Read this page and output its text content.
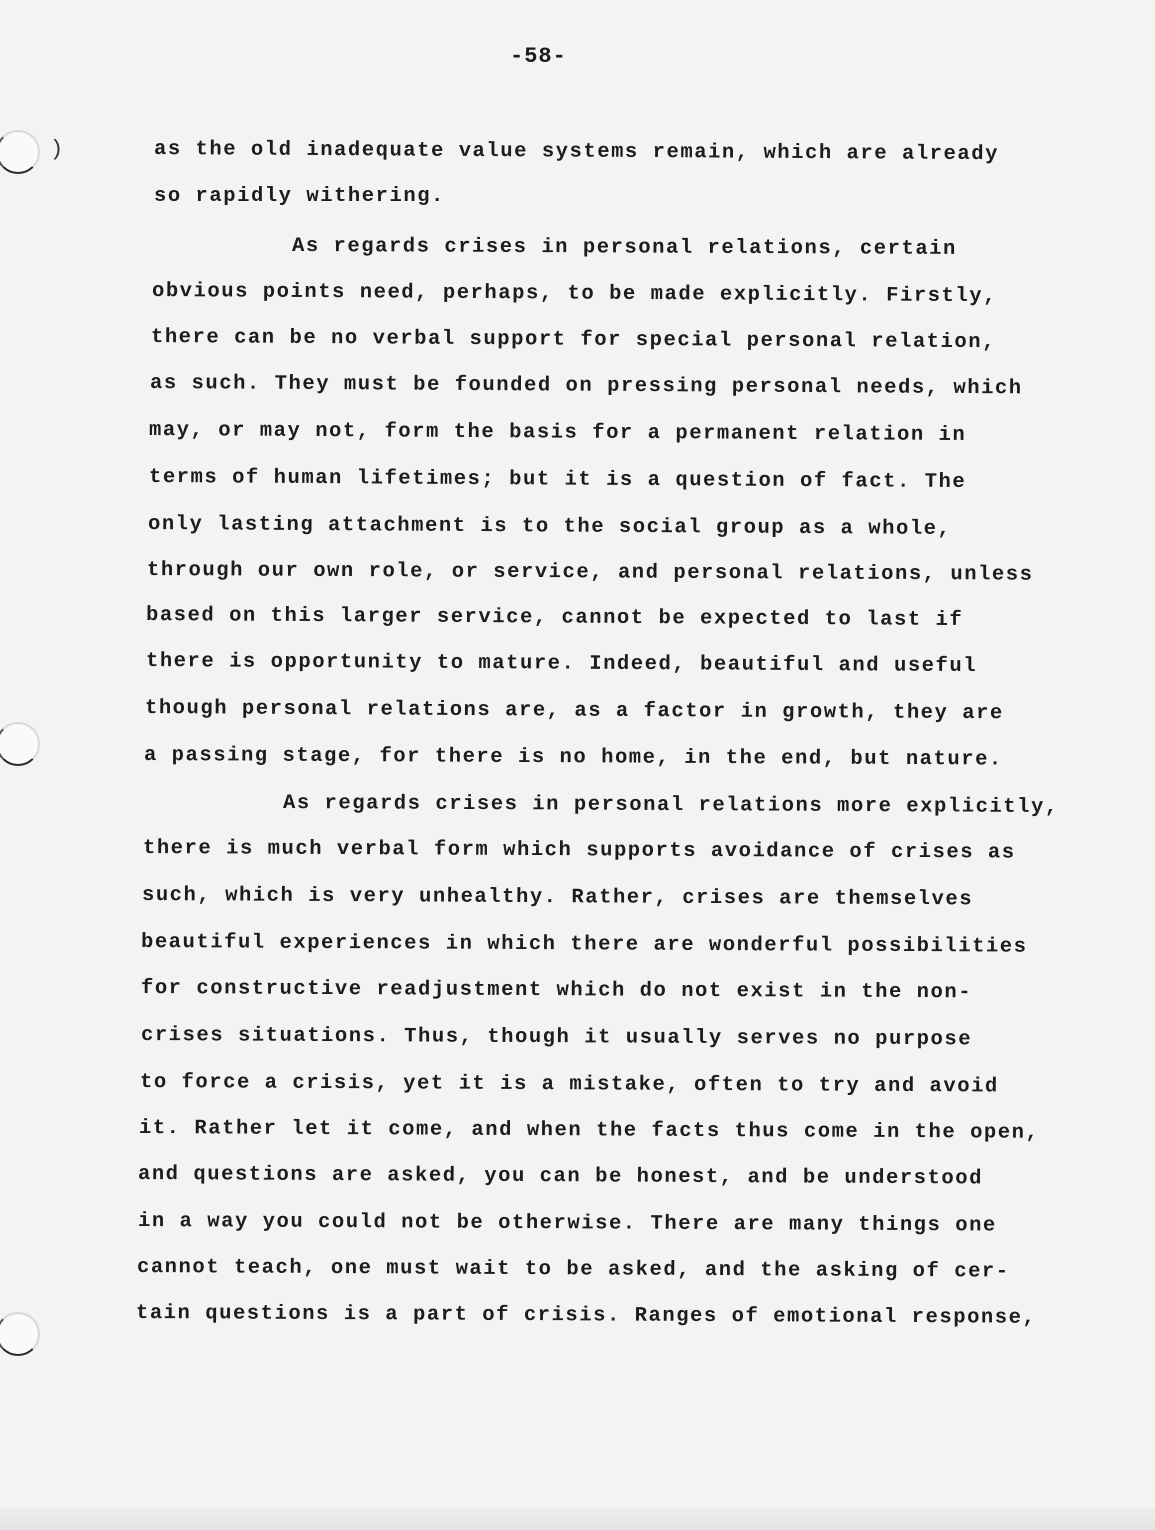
)
-58-
as the old inadequate value systems remain, which are already
so rapidly withering.
As regards crises in personal relations, certain
obvious points need, perhaps, to be made explicitly. Firstly,
there can be no verbal support for special personal relation,
as such. They must be founded on pressing personal needs, which
may, or may not, form the basis for a permanent relation in
terms of human lifetimes; but it is a question of fact. The
only lasting attachment is to the social group as a whole,
through our own role, or service, and personal relations, unless
based on this larger service, cannot be expected to last if
there is opportunity to mature. Indeed, beautiful and useful
though personal relations are, as a factor in growth, they are
a passing stage, for there is no home, in the end, but nature.
As regards crises in personal relations more explicitly,
there is much verbal form which supports avoidance of crises as
such, which is very unhealthy. Rather, crises are themselves
beautiful experiences in which there are wonderful possibilities
for constructive readjustment which do not exist in the non-
crises situations. Thus, though it usually serves no purpose
to force a crisis, yet it is a mistake, often to try and avoid
it. Rather let it come, and when the facts thus come in the open,
and questions are asked, you can be honest, and be understood
in a way you could not be otherwise. There are many things one
cannot teach, one must wait to be asked, and the asking of cer-
tain questions is a part of crisis. Ranges of emotional response,
